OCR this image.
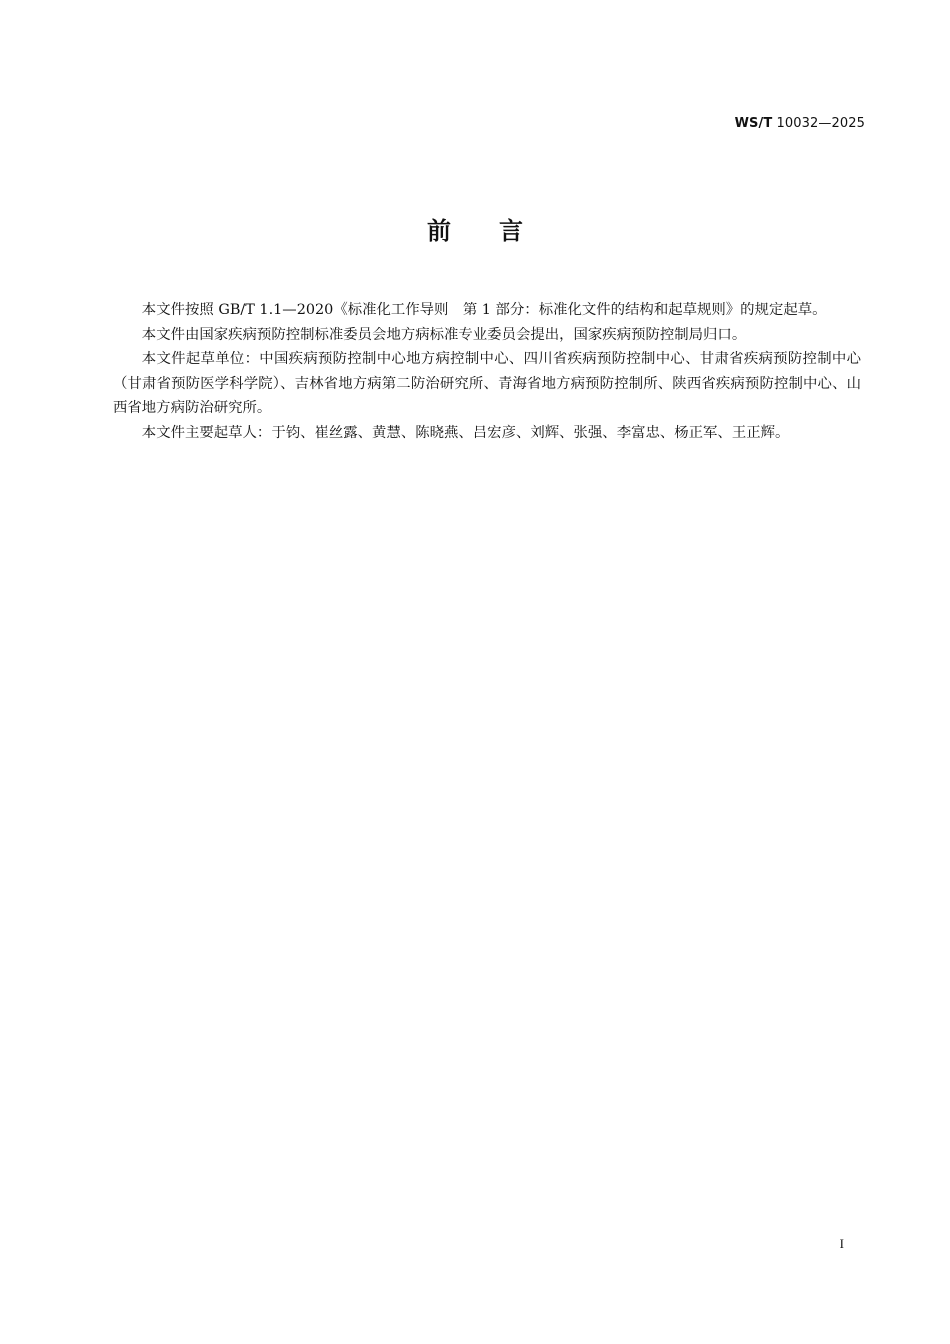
WS/T 10032—2025
前言

本文件按照 GB/T 1.1—2020《标准化工作导则　第 1 部分：标准化文件的结构和起草规则》的规定起草。

本文件由国家疾病预防控制标准委员会地方病标准专业委员会提出，国家疾病预防控制局归口。

本文件起草单位：中国疾病预防控制中心地方病控制中心、四川省疾病预防控制中心、甘肃省疾病预防控制中心（甘肃省预防医学科学院）、吉林省地方病第二防治研究所、青海省地方病预防控制所、陕西省疾病预防控制中心、山西省地方病防治研究所。

本文件主要起草人：于钧、崔丝露、黄慧、陈晓燕、吕宏彦、刘辉、张强、李富忠、杨正军、王正辉。

I
